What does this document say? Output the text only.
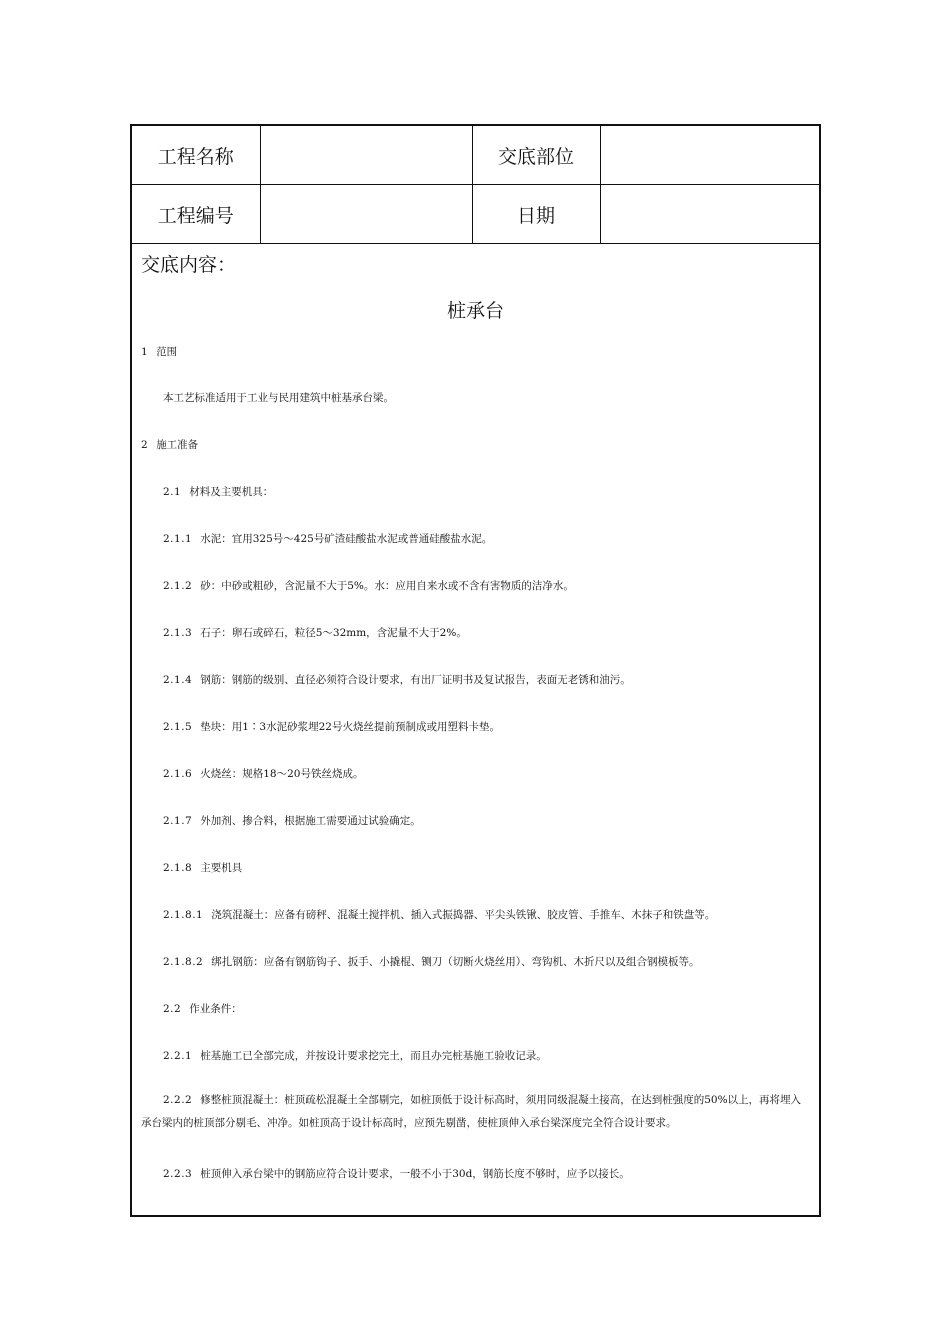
工程名称		交底部位	
工程编号		日期	
交底内容：
桩承台
1 范围
本工艺标准适用于工业与民用建筑中桩基承台梁。
2 施工准备
2.1 材料及主要机具：
2.1.1 水泥：宜用325号～425号矿渣硅酸盐水泥或普通硅酸盐水泥。
2.1.2 砂：中砂或粗砂，含泥量不大于5%。水：应用自来水或不含有害物质的洁净水。
2.1.3 石子：卵石或碎石，粒径5～32mm，含泥量不大于2%。
2.1.4 钢筋：钢筋的级别、直径必须符合设计要求，有出厂证明书及复试报告，表面无老锈和油污。
2.1.5 垫块：用1∶3水泥砂浆埋22号火烧丝提前预制成或用塑料卡垫。
2.1.6 火烧丝：规格18～20号铁丝烧成。
2.1.7 外加剂、掺合料，根据施工需要通过试验确定。
2.1.8 主要机具
2.1.8.1 浇筑混凝土：应备有磅秤、混凝土搅拌机、插入式振捣器、平尖头铁锹、胶皮管、手推车、木抹子和铁盘等。
2.1.8.2 绑扎钢筋：应备有钢筋钩子、扳手、小撬棍、铡刀（切断火烧丝用）、弯钩机、木折尺以及组合钢模板等。
2.2 作业条件：
2.2.1 桩基施工已全部完成，并按设计要求挖完土，而且办完桩基施工验收记录。
2.2.2 修整桩顶混凝土：桩顶疏松混凝土全部剔完，如桩顶低于设计标高时，须用同级混凝土接高，在达到桩强度的50%以上，再将埋入承台梁内的桩顶部分剔毛、冲净。如桩顶高于设计标高时，应预先剔凿，使桩顶伸入承台梁深度完全符合设计要求。
2.2.3 桩顶伸入承台梁中的钢筋应符合设计要求，一般不小于30d，钢筋长度不够时，应予以接长。
